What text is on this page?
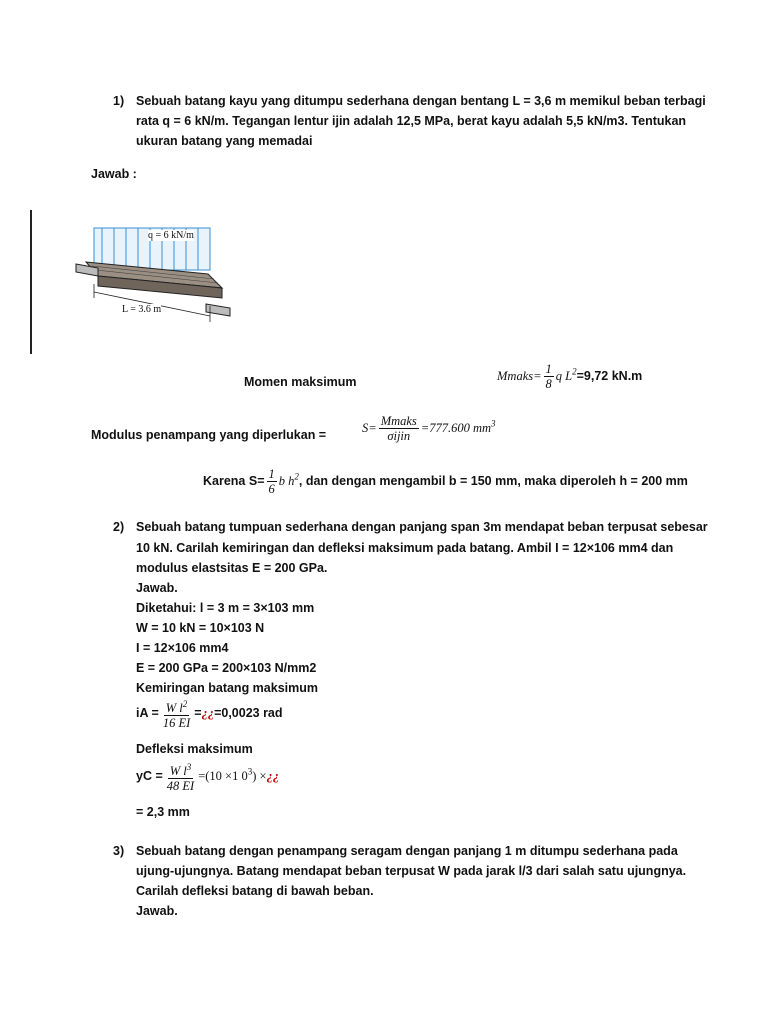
1) Sebuah batang kayu yang ditumpu sederhana dengan bentang L = 3,6 m memikul beban terbagi
rata q = 6 kN/m. Tegangan lentur ijin adalah 12,5 MPa, berat kayu adalah 5,5 kN/m3. Tentukan
ukuran batang yang memadai
Jawab :
q = 6 kN/m
L = 3.6 m
Momen maksimum	Mmaks= $\frac{1}{8}$ q $L^2=9,72$ kN.m
Modulus penampang yang diperlukan =
$S= \frac{\text{Mmaks}}{\text{σijin}} =777.600$ $mm^3$
Karena $S= \frac{1}{6}$ b $h^2$, dan dengan mengambil b = 150 mm, maka diperoleh h = 200 mm
2) Sebuah batang tumpuan sederhana dengan panjang span 3m mendapat beban terpusat sebesar
10 kN. Carilah kemiringan dan defleksi maksimum pada batang. Ambil I = 12×106 mm4 dan
modulus elastsitas E = 200 GPa.
Jawab.
Diketahui: l = 3 m = 3×103 mm
W = 10 kN = 10×103 N
I = 12×106 mm4
E = 200 GPa = 200×103 N/mm2
Kemiringan batang maksimum
iA = $\frac{W l^2}{16 EI}$ =¿¿=0,0023 rad
Defleksi maksimum
yC = $\frac{W l^3}{48 EI} =(10 \times 1$ $0^3$) ×¿¿
= 2,3 mm
3) Sebuah batang dengan penampang seragam dengan panjang 1 m ditumpu sederhana pada
ujung-ujungnya. Batang mendapat beban terpusat W pada jarak l/3 dari salah satu ujungnya.
Carilah defleksi batang di bawah beban.
Jawab.
